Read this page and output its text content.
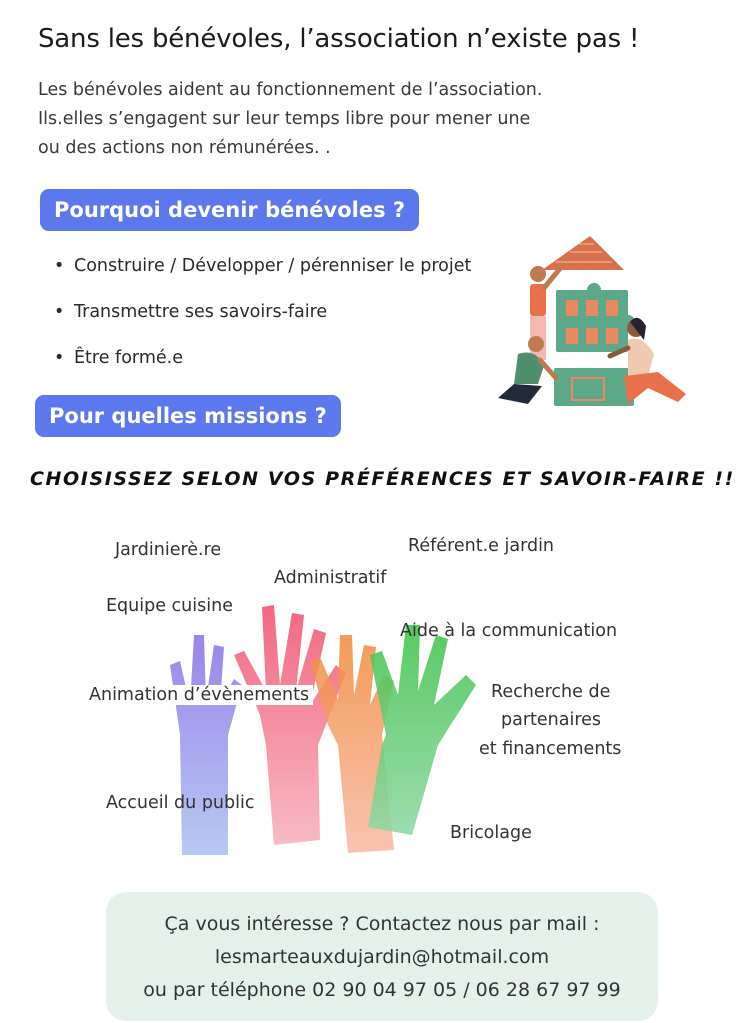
Sans les bénévoles, l’association n’existe pas !
Les bénévoles aident au fonctionnement de l’association.
Ils.elles s’engagent sur leur temps libre pour mener une
ou des actions non rémunérées. .
Pourquoi devenir bénévoles ?
• Construire / Développer / pérenniser le projet
• Transmettre ses savoirs-faire
• Être formé.e
Pour quelles missions ?
CHOISISSEZ SELON VOS PRÉFÉRENCES ET SAVOIR-FAIRE !!
Jardinierè.re	Référent.e jardin
Administratif
Equipe cuisine
Aide à la communication
Animation d’évènements	Recherche de
partenaires
et financements
Accueil du public
Bricolage
Ça vous intéresse ? Contactez nous par mail :
lesmarteauxdujardin@hotmail.com
ou par téléphone 02 90 04 97 05 / 06 28 67 97 99
